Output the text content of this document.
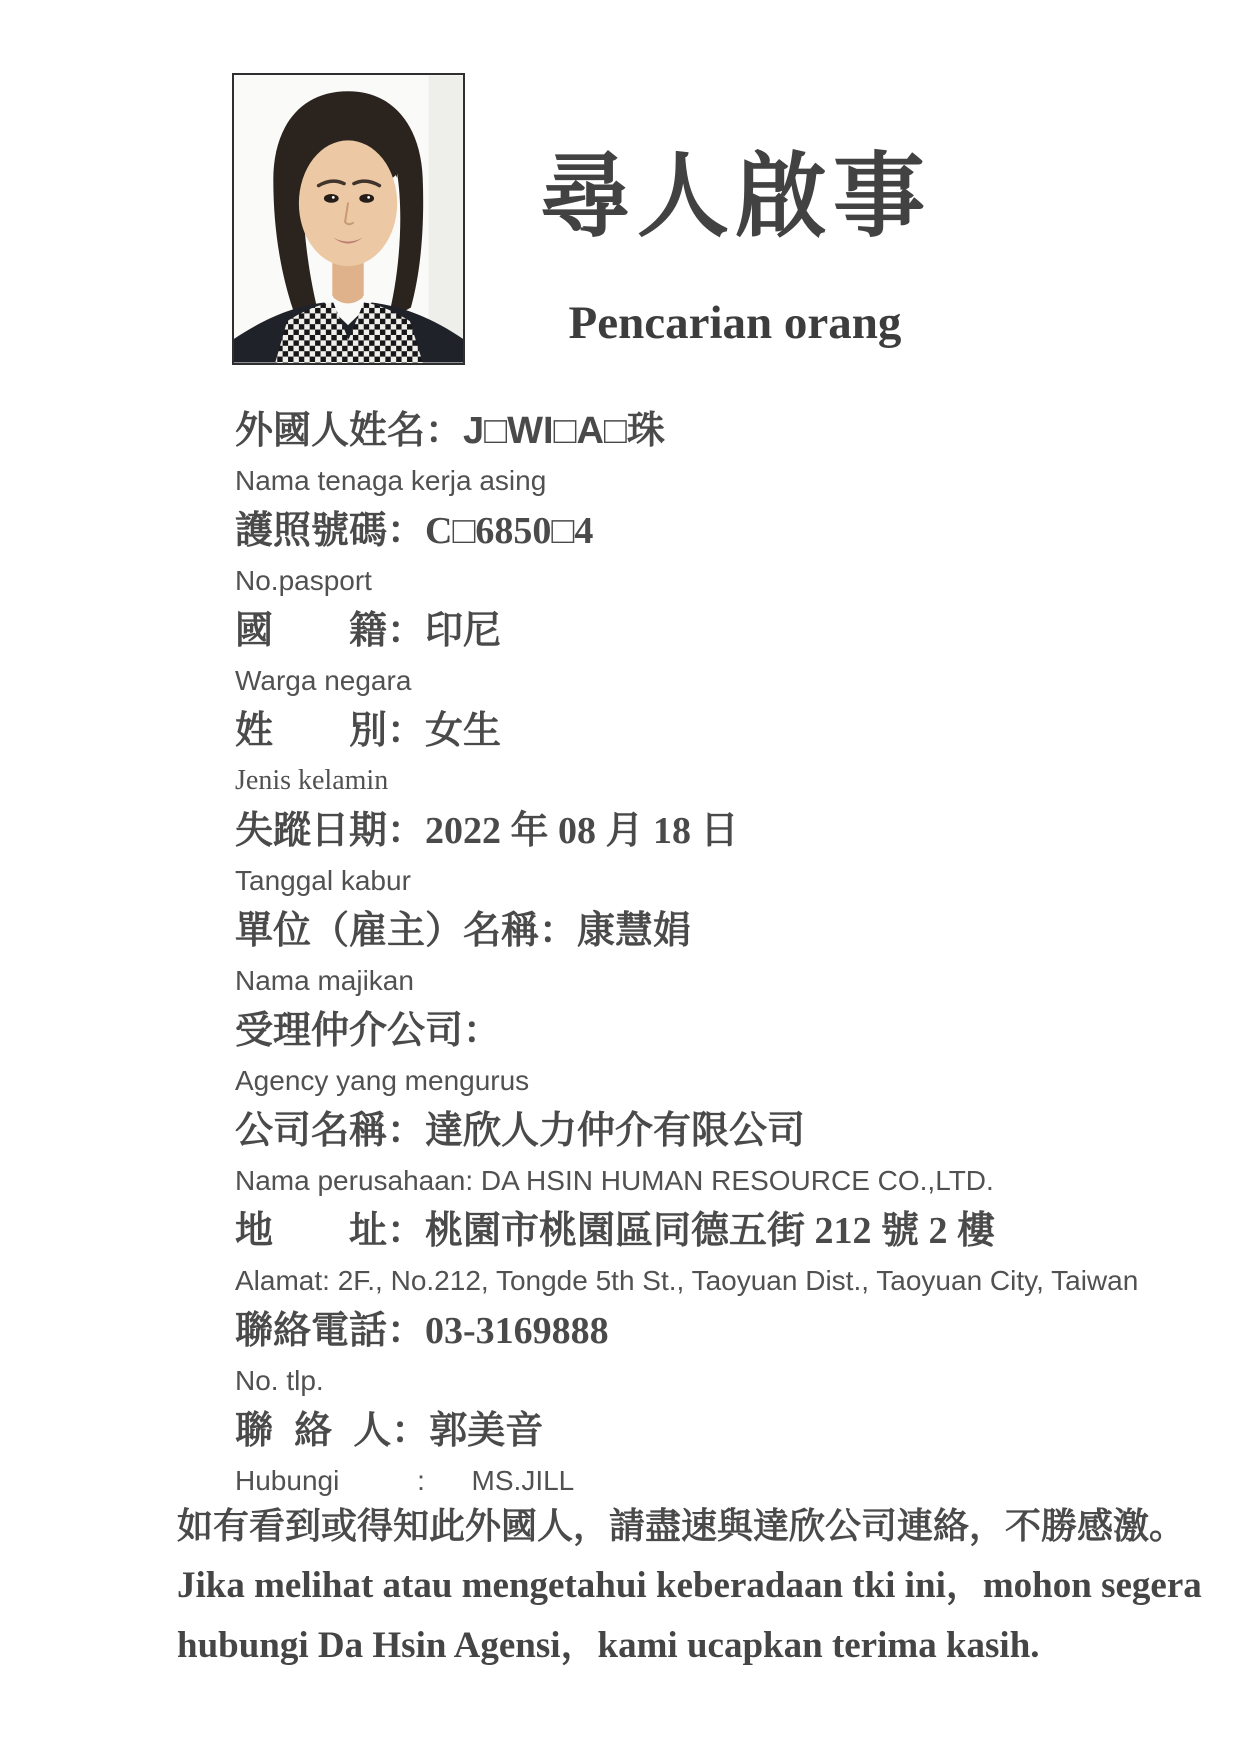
尋人啟事
Pencarian orang
外國人姓名：J□WI□A□珠
Nama tenaga kerja asing
護照號碼：C□6850□4
No.pasport
國　　籍：印尼
Warga negara
姓　　別：女生
Jenis kelamin
失蹤日期：2022 年 08 月 18 日
Tanggal kabur
單位（雇主）名稱：康慧娟
Nama majikan
受理仲介公司：
Agency yang mengurus
公司名稱：達欣人力仲介有限公司
Nama perusahaan: DA HSIN HUMAN RESOURCE CO.,LTD.
地　　址：桃園市桃園區同德五街 212 號 2 樓
Alamat: 2F., No.212, Tongde 5th St., Taoyuan Dist., Taoyuan City, Taiwan
聯絡電話：03-3169888
No. tlp.
聯  絡  人：郭美音
Hubungi          :      MS.JILL
如有看到或得知此外國人，請盡速與達欣公司連絡，不勝感激。
Jika melihat atau mengetahui keberadaan tki ini，mohon segera
hubungi Da Hsin Agensi，kami ucapkan terima kasih.
